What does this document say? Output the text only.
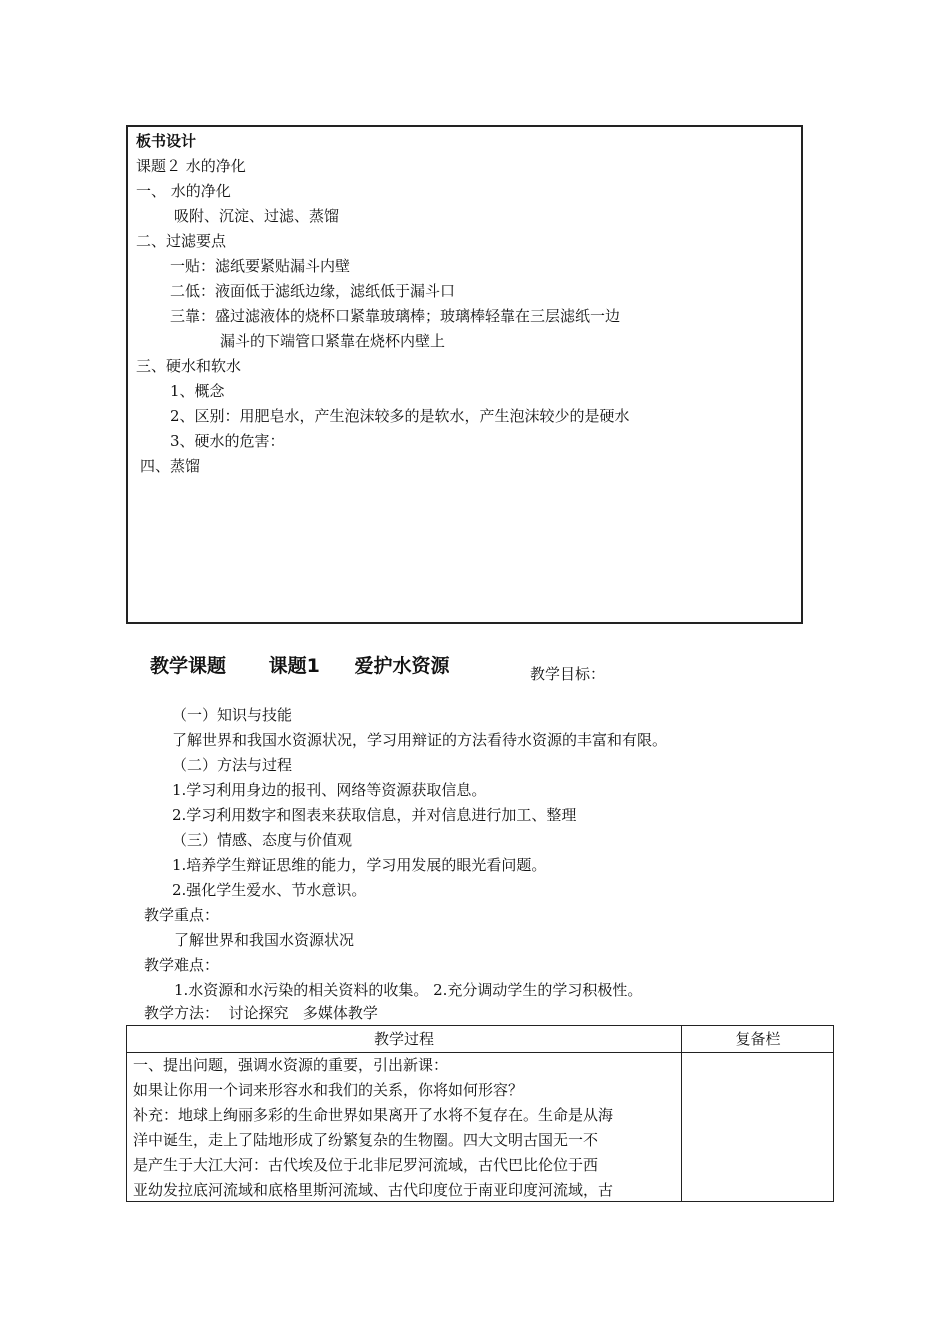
板书设计
课题２ 水的净化
一、 水的净化
吸附、沉淀、过滤、蒸馏
二、过滤要点
一贴：滤纸要紧贴漏斗内壁
二低：液面低于滤纸边缘，滤纸低于漏斗口
三靠：盛过滤液体的烧杯口紧靠玻璃棒；玻璃棒轻靠在三层滤纸一边
漏斗的下端管口紧靠在烧杯内壁上
三、硬水和软水
1、概念
2、区别：用肥皂水，产生泡沫较多的是软水，产生泡沫较少的是硬水
3、硬水的危害：
四、蒸馏
教学课题 课题1 爱护水资源	教学目标：
（一）知识与技能
了解世界和我国水资源状况，学习用辩证的方法看待水资源的丰富和有限。
（二）方法与过程
1.学习利用身边的报刊、网络等资源获取信息。
2.学习利用数字和图表来获取信息，并对信息进行加工、整理
（三）情感、态度与价值观
1.培养学生辩证思维的能力，学习用发展的眼光看问题。
2.强化学生爱水、节水意识。
教学重点：
了解世界和我国水资源状况
教学难点：
1.水资源和水污染的相关资料的收集。 2.充分调动学生的学习积极性。
教学方法：  讨论探究   多媒体教学
教学过程	复备栏
一、提出问题，强调水资源的重要，引出新课：
如果让你用一个词来形容水和我们的关系，你将如何形容？
补充：地球上绚丽多彩的生命世界如果离开了水将不复存在。生命是从海
洋中诞生，走上了陆地形成了纷繁复杂的生物圈。四大文明古国无一不
是产生于大江大河：古代埃及位于北非尼罗河流域，古代巴比伦位于西
亚幼发拉底河流域和底格里斯河流域、古代印度位于南亚印度河流域，古
